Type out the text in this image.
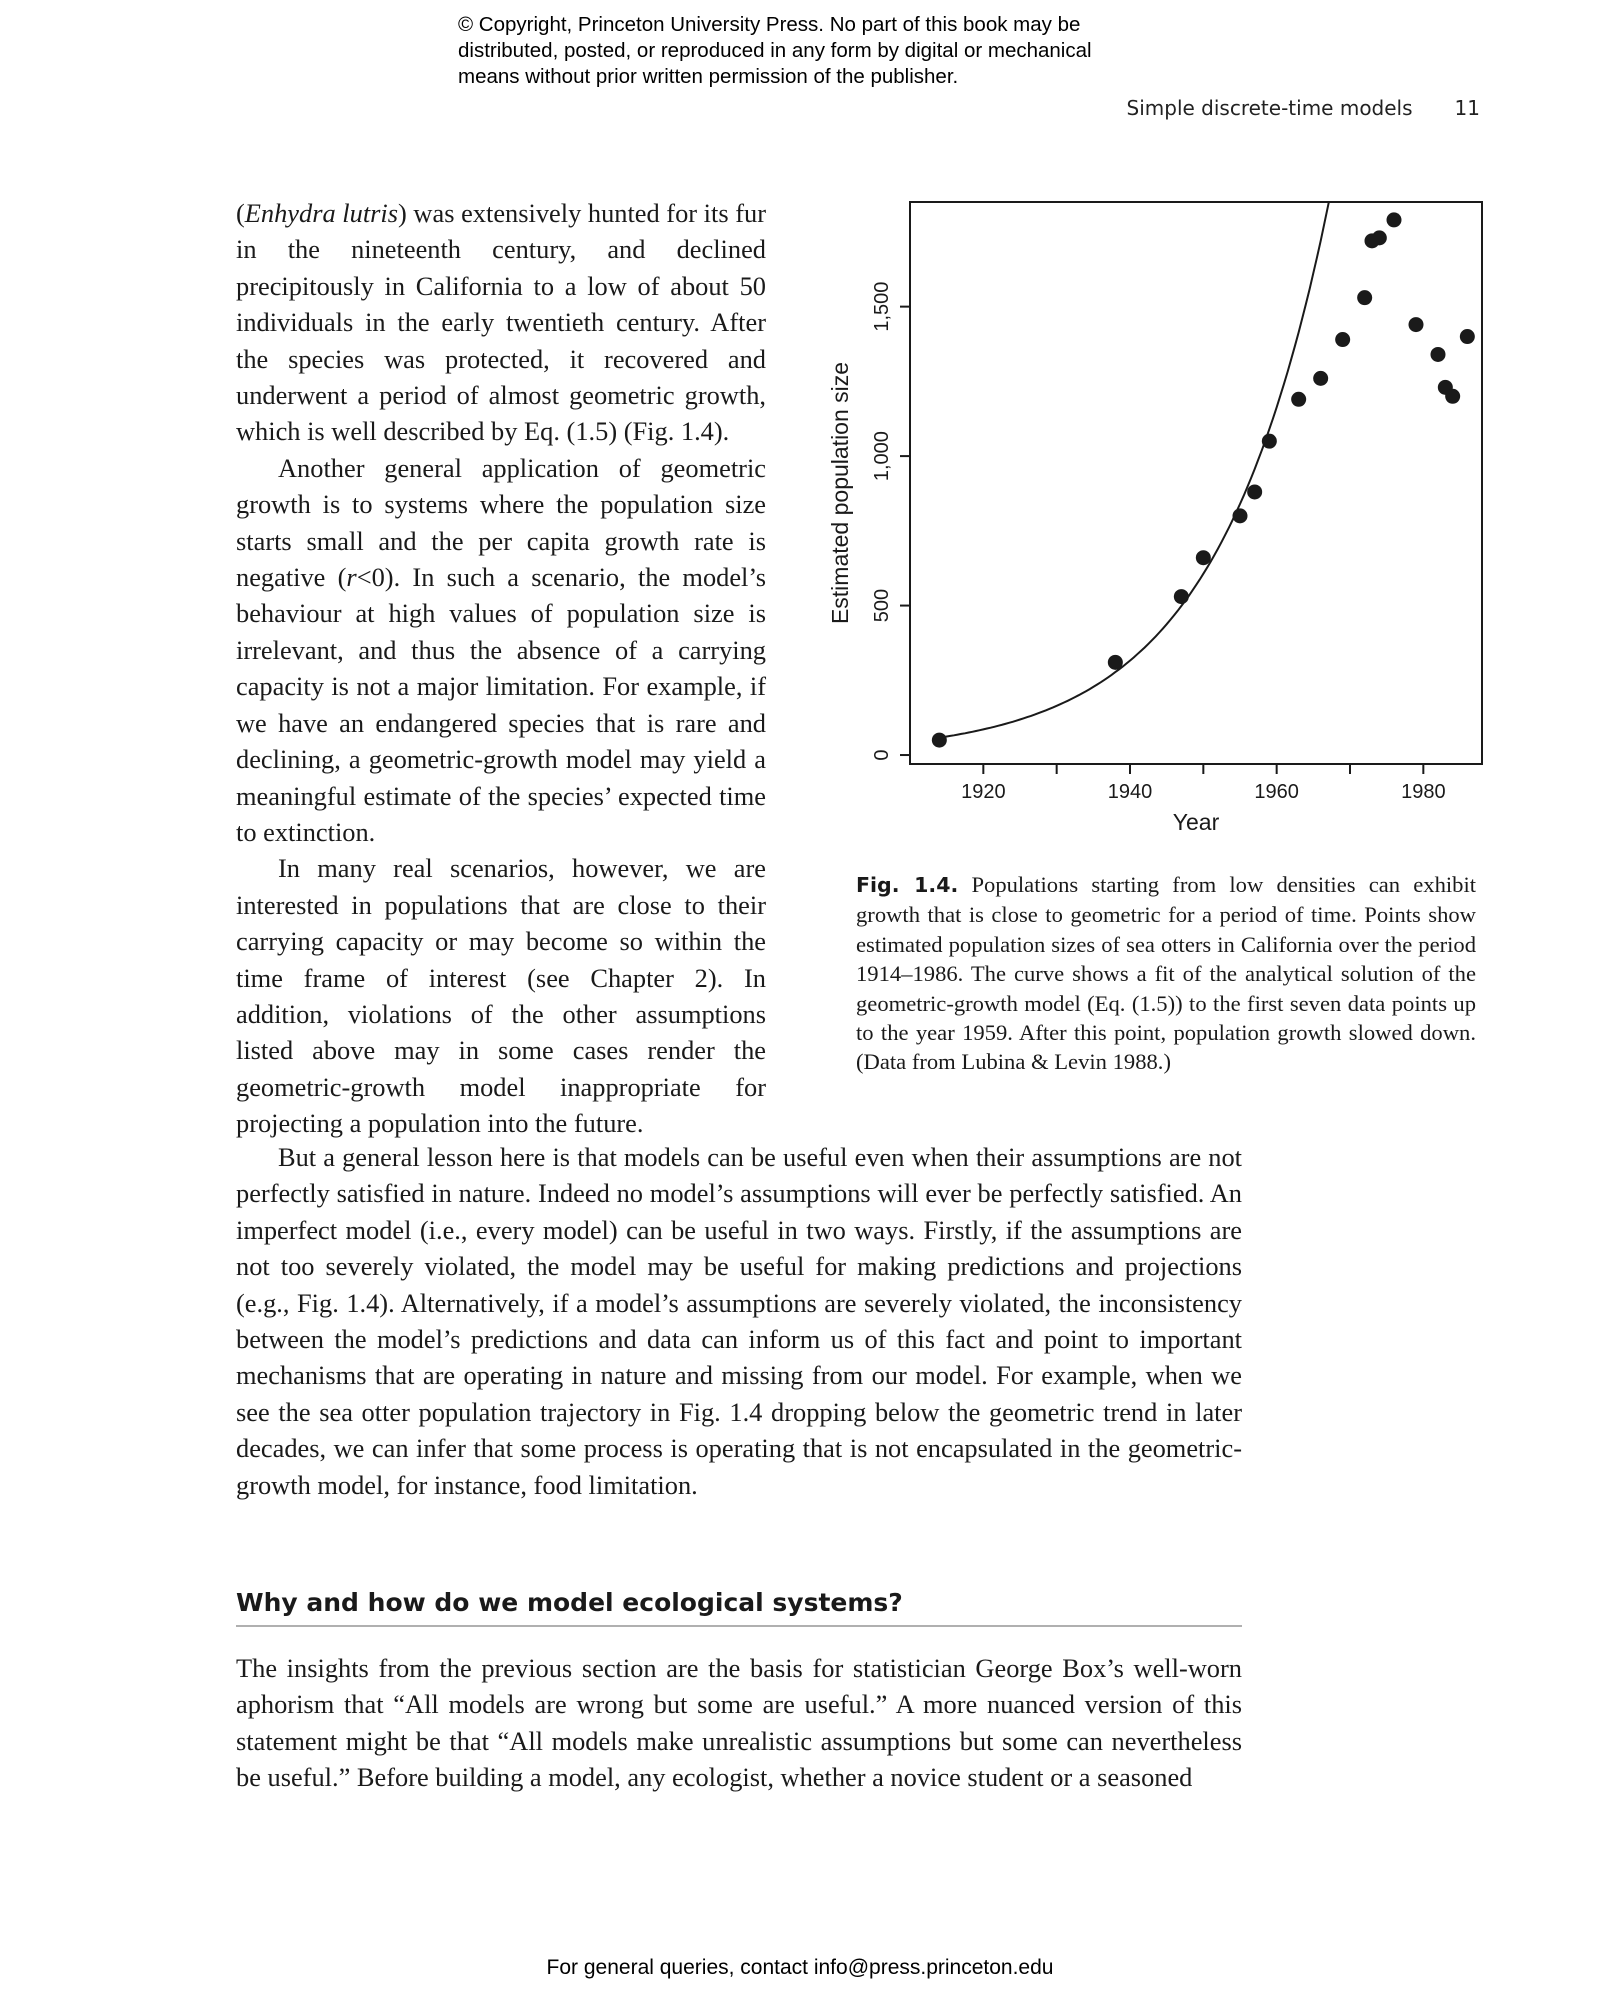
© Copyright, Princeton University Press. No part of this book may be
distributed, posted, or reproduced in any form by digital or mechanical
means without prior written permission of the publisher.
Simple discrete-time models 11

(Enhydra lutris) was extensively hunted for its fur in the nineteenth century, and declined precipitously in California to a low of about 50 individuals in the early twentieth century. After the species was protected, it recovered and underwent a period of almost geometric growth, which is well described by Eq. (1.5) (Fig. 1.4).

Another general application of geometric growth is to systems where the population size starts small and the per capita growth rate is negative (r<0). In such a scenario, the model’s behaviour at high values of population size is irrelevant, and thus the absence of a carrying capacity is not a major limitation. For example, if we have an endangered species that is rare and declining, a geometric-growth model may yield a meaningful estimate of the species’ expected time to extinction.

In many real scenarios, however, we are interested in populations that are close to their carrying capacity or may become so within the time frame of interest (see Chapter 2). In addition, violations of the other assumptions listed above may in some cases render the geometric-growth model inappropriate for projecting a population into the future.

1920	1940	1960	1980
0
500
1,000
1,500
Year
Estimated population size
Fig. 1.4. Populations starting from low densities can exhibit growth that is close to geometric for a period of time. Points show estimated population sizes of sea otters in California over the period 1914–1986. The curve shows a fit of the analytical solution of the geometric-growth model (Eq. (1.5)) to the first seven data points up to the year 1959. After this point, population growth slowed down. (Data from Lubina & Levin 1988.)

But a general lesson here is that models can be useful even when their assumptions are not perfectly satisfied in nature. Indeed no model’s assumptions will ever be perfectly satisfied. An imperfect model (i.e., every model) can be useful in two ways. Firstly, if the assumptions are not too severely violated, the model may be useful for making predictions and projections (e.g., Fig. 1.4). Alternatively, if a model’s assumptions are severely violated, the inconsistency between the model’s predictions and data can inform us of this fact and point to important mechanisms that are operating in nature and missing from our model. For example, when we see the sea otter population trajectory in Fig. 1.4 dropping below the geometric trend in later decades, we can infer that some process is operating that is not encapsulated in the geometric-growth model, for instance, food limitation.

Why and how do we model ecological systems?

The insights from the previous section are the basis for statistician George Box’s well-worn aphorism that “All models are wrong but some are useful.” A more nuanced version of this statement might be that “All models make unrealistic assumptions but some can nevertheless be useful.” Before building a model, any ecologist, whether a novice student or a seasoned

For general queries, contact info@press.princeton.edu
